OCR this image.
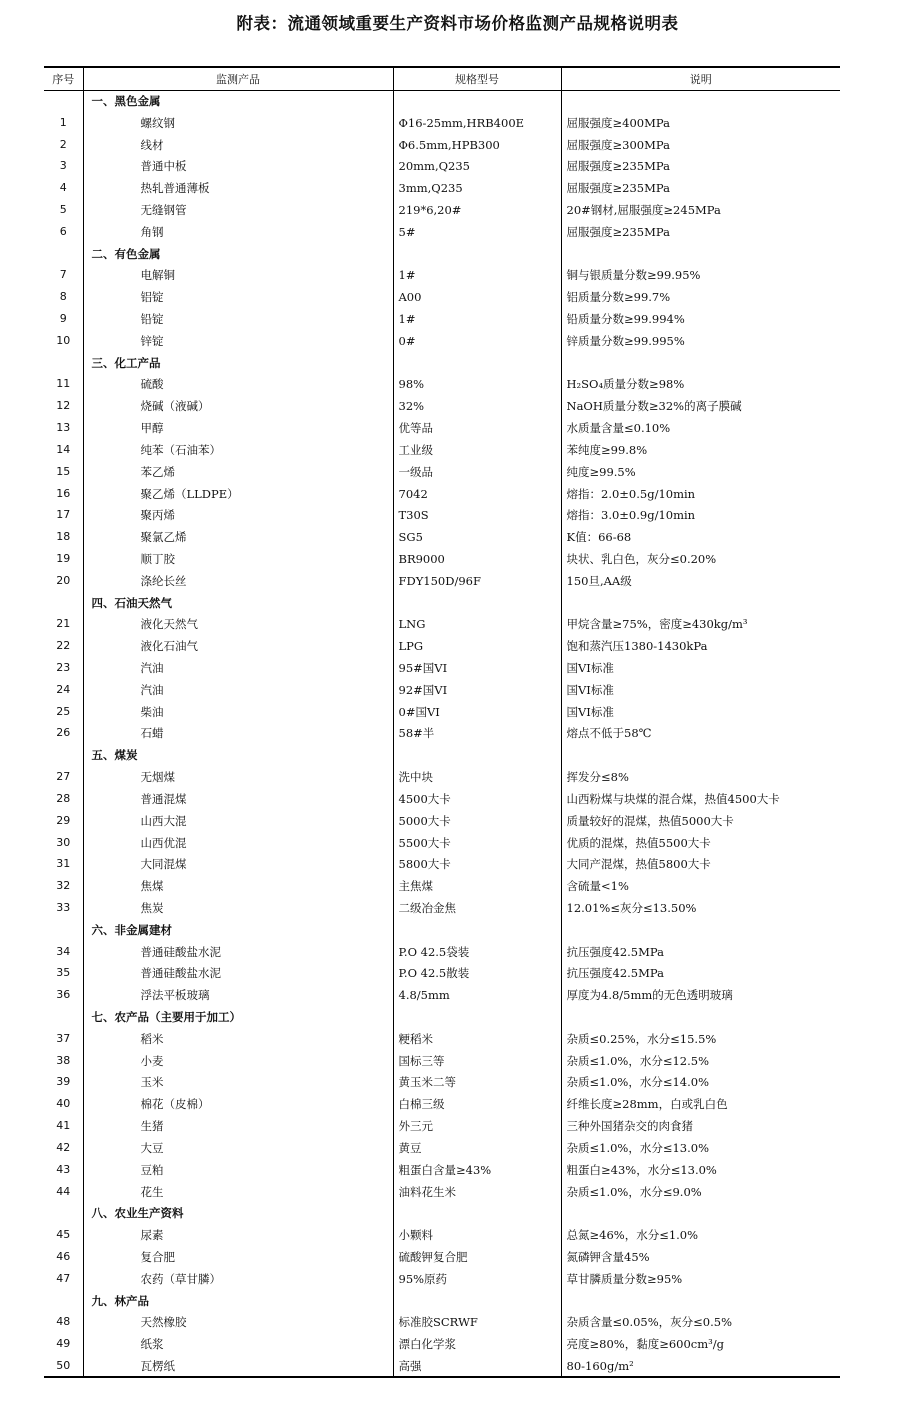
附表：流通领域重要生产资料市场价格监测产品规格说明表
序号	监测产品	规格型号	说明
	一、黑色金属		
1	螺纹钢	Φ16-25mm,HRB400E	屈服强度≥400MPa
2	线材	Φ6.5mm,HPB300	屈服强度≥300MPa
3	普通中板	20mm,Q235	屈服强度≥235MPa
4	热轧普通薄板	3mm,Q235	屈服强度≥235MPa
5	无缝钢管	219*6,20#	20#钢材,屈服强度≥245MPa
6	角钢	5#	屈服强度≥235MPa
	二、有色金属		
7	电解铜	1#	铜与银质量分数≥99.95%
8	铝锭	A00	铝质量分数≥99.7%
9	铅锭	1#	铅质量分数≥99.994%
10	锌锭	0#	锌质量分数≥99.995%
	三、化工产品		
11	硫酸	98%	H₂SO₄质量分数≥98%
12	烧碱（液碱）	32%	NaOH质量分数≥32%的离子膜碱
13	甲醇	优等品	水质量含量≤0.10%
14	纯苯（石油苯）	工业级	苯纯度≥99.8%
15	苯乙烯	一级品	纯度≥99.5%
16	聚乙烯（LLDPE）	7042	熔指：2.0±0.5g/10min
17	聚丙烯	T30S	熔指：3.0±0.9g/10min
18	聚氯乙烯	SG5	K值：66-68
19	顺丁胶	BR9000	块状、乳白色，灰分≤0.20%
20	涤纶长丝	FDY150D/96F	150旦,AA级
	四、石油天然气		
21	液化天然气	LNG	甲烷含量≥75%，密度≥430kg/m³
22	液化石油气	LPG	饱和蒸汽压1380-1430kPa
23	汽油	95#国VI	国VI标准
24	汽油	92#国VI	国VI标准
25	柴油	0#国VI	国VI标准
26	石蜡	58#半	熔点不低于58℃
	五、煤炭		
27	无烟煤	洗中块	挥发分≤8%
28	普通混煤	4500大卡	山西粉煤与块煤的混合煤，热值4500大卡
29	山西大混	5000大卡	质量较好的混煤，热值5000大卡
30	山西优混	5500大卡	优质的混煤，热值5500大卡
31	大同混煤	5800大卡	大同产混煤，热值5800大卡
32	焦煤	主焦煤	含硫量<1%
33	焦炭	二级冶金焦	12.01%≤灰分≤13.50%
	六、非金属建材		
34	普通硅酸盐水泥	P.O 42.5袋装	抗压强度42.5MPa
35	普通硅酸盐水泥	P.O 42.5散装	抗压强度42.5MPa
36	浮法平板玻璃	4.8/5mm	厚度为4.8/5mm的无色透明玻璃
	七、农产品（主要用于加工）		
37	稻米	粳稻米	杂质≤0.25%，水分≤15.5%
38	小麦	国标三等	杂质≤1.0%，水分≤12.5%
39	玉米	黄玉米二等	杂质≤1.0%，水分≤14.0%
40	棉花（皮棉）	白棉三级	纤维长度≥28mm，白或乳白色
41	生猪	外三元	三种外国猪杂交的肉食猪
42	大豆	黄豆	杂质≤1.0%，水分≤13.0%
43	豆粕	粗蛋白含量≥43%	粗蛋白≥43%，水分≤13.0%
44	花生	油料花生米	杂质≤1.0%，水分≤9.0%
	八、农业生产资料		
45	尿素	小颗料	总氮≥46%，水分≤1.0%
46	复合肥	硫酸钾复合肥	氮磷钾含量45%
47	农药（草甘膦）	95%原药	草甘膦质量分数≥95%
	九、林产品		
48	天然橡胶	标准胶SCRWF	杂质含量≤0.05%，灰分≤0.5%
49	纸浆	漂白化学浆	亮度≥80%，黏度≥600cm³/g
50	瓦楞纸	高强	80-160g/m²
